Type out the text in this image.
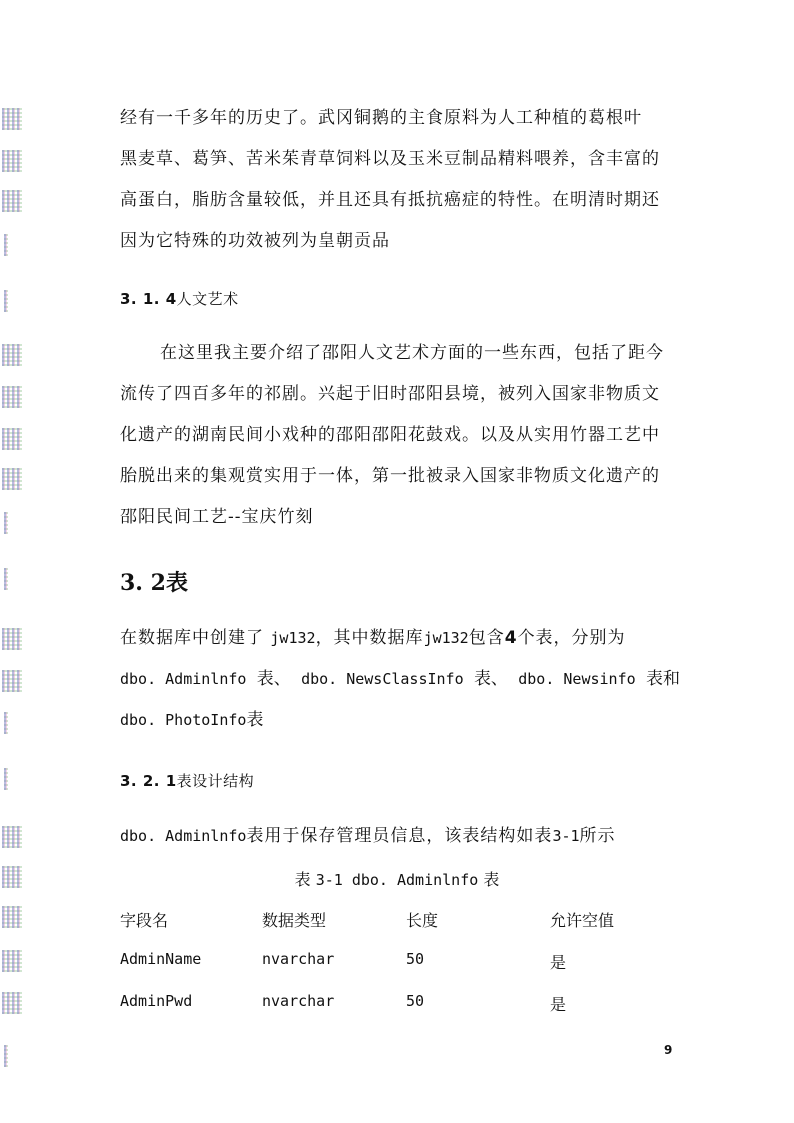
经有一千多年的历史了。武冈铜鹅的主食原料为人工种植的葛根叶

黑麦草、葛笋、苦米茱青草饲料以及玉米豆制品精料喂养，含丰富的

高蛋白，脂肪含量较低，并且还具有抵抗癌症的特性。在明清时期还

因为它特殊的功效被列为皇朝贡品

3. 1. 4人文艺术

在这里我主要介绍了邵阳人文艺术方面的一些东西，包括了距今

流传了四百多年的祁剧。兴起于旧时邵阳县境，被列入国家非物质文

化遗产的湖南民间小戏种的邵阳邵阳花鼓戏。以及从实用竹器工艺中

胎脱出来的集观赏实用于一体，第一批被录入国家非物质文化遗产的

邵阳民间工艺--宝庆竹刻

3. 2表

在数据库中创建了 jw132，其中数据库jw132包含4个表，分别为

dbo. Adminlnfo 表、 dbo. NewsClassInfo 表、 dbo. Newsinfo 表和

dbo. PhotoInfo表

3. 2. 1表设计结构

dbo. Adminlnfo表用于保存管理员信息，该表结构如表3-1所示

表 3-1 dbo. Adminlnfo 表
字段名	数据类型	长度	允许空值
AdminName	nvarchar	50	是
AdminPwd	nvarchar	50	是
9
